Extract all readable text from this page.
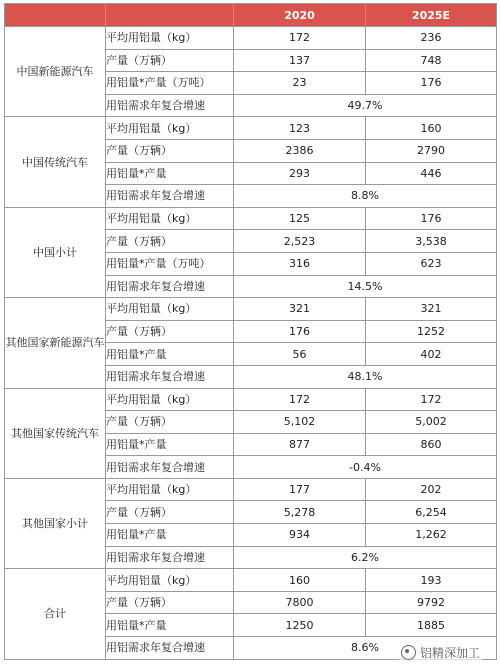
		2020	2025E
中国新能源汽车	平均用铝量（kg）	172	236
	产量（万辆）	137	748
	用铝量*产量（万吨）	23	176
	用铝需求年复合增速	49.7%	
中国传统汽车	平均用铝量（kg）	123	160
	产量（万辆）	2386	2790
	用铝量*产量	293	446
	用铝需求年复合增速	8.8%	
中国小计	平均用铝量（kg）	125	176
	产量（万辆）	2,523	3,538
	用铝量*产量（万吨）	316	623
	用铝需求年复合增速	14.5%	
其他国家新能源汽车	平均用铝量（kg）	321	321
	产量（万辆）	176	1252
	用铝量*产量	56	402
	用铝需求年复合增速	48.1%	
其他国家传统汽车	平均用铝量（kg）	172	172
	产量（万辆）	5,102	5,002
	用铝量*产量	877	860
	用铝需求年复合增速	-0.4%	
其他国家小计	平均用铝量（kg）	177	202
	产量（万辆）	5,278	6,254
	用铝量*产量	934	1,262
	用铝需求年复合增速	6.2%	
合计	平均用铝量（kg）	160	193
	产量（万辆）	7800	9792
	用铝量*产量	1250	1885
	用铝需求年复合增速	8.6%		铝精深加工
